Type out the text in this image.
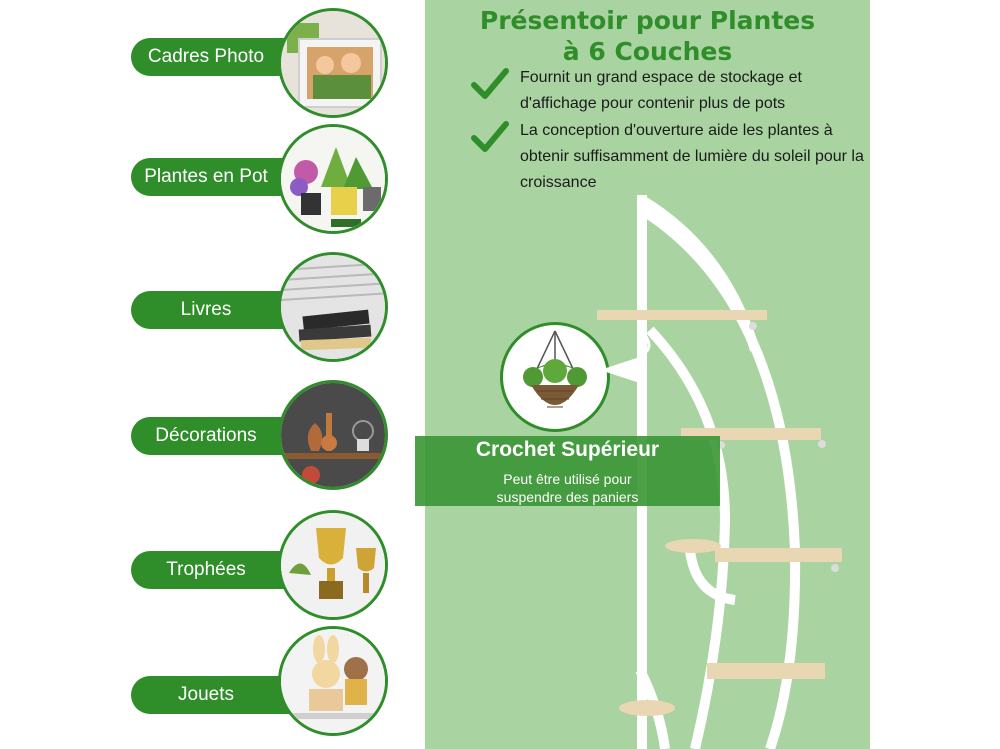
Cadres Photo
Plantes en Pot
Livres
Décorations
Trophées
Jouets
Présentoir pour Plantes
à 6 Couches
Fournit un grand espace de stockage et d'affichage pour contenir plus de pots
La conception d'ouverture aide les plantes à obtenir suffisamment de lumière du soleil pour la croissance
Crochet Supérieur
Peut être utilisé pour
suspendre des paniers
